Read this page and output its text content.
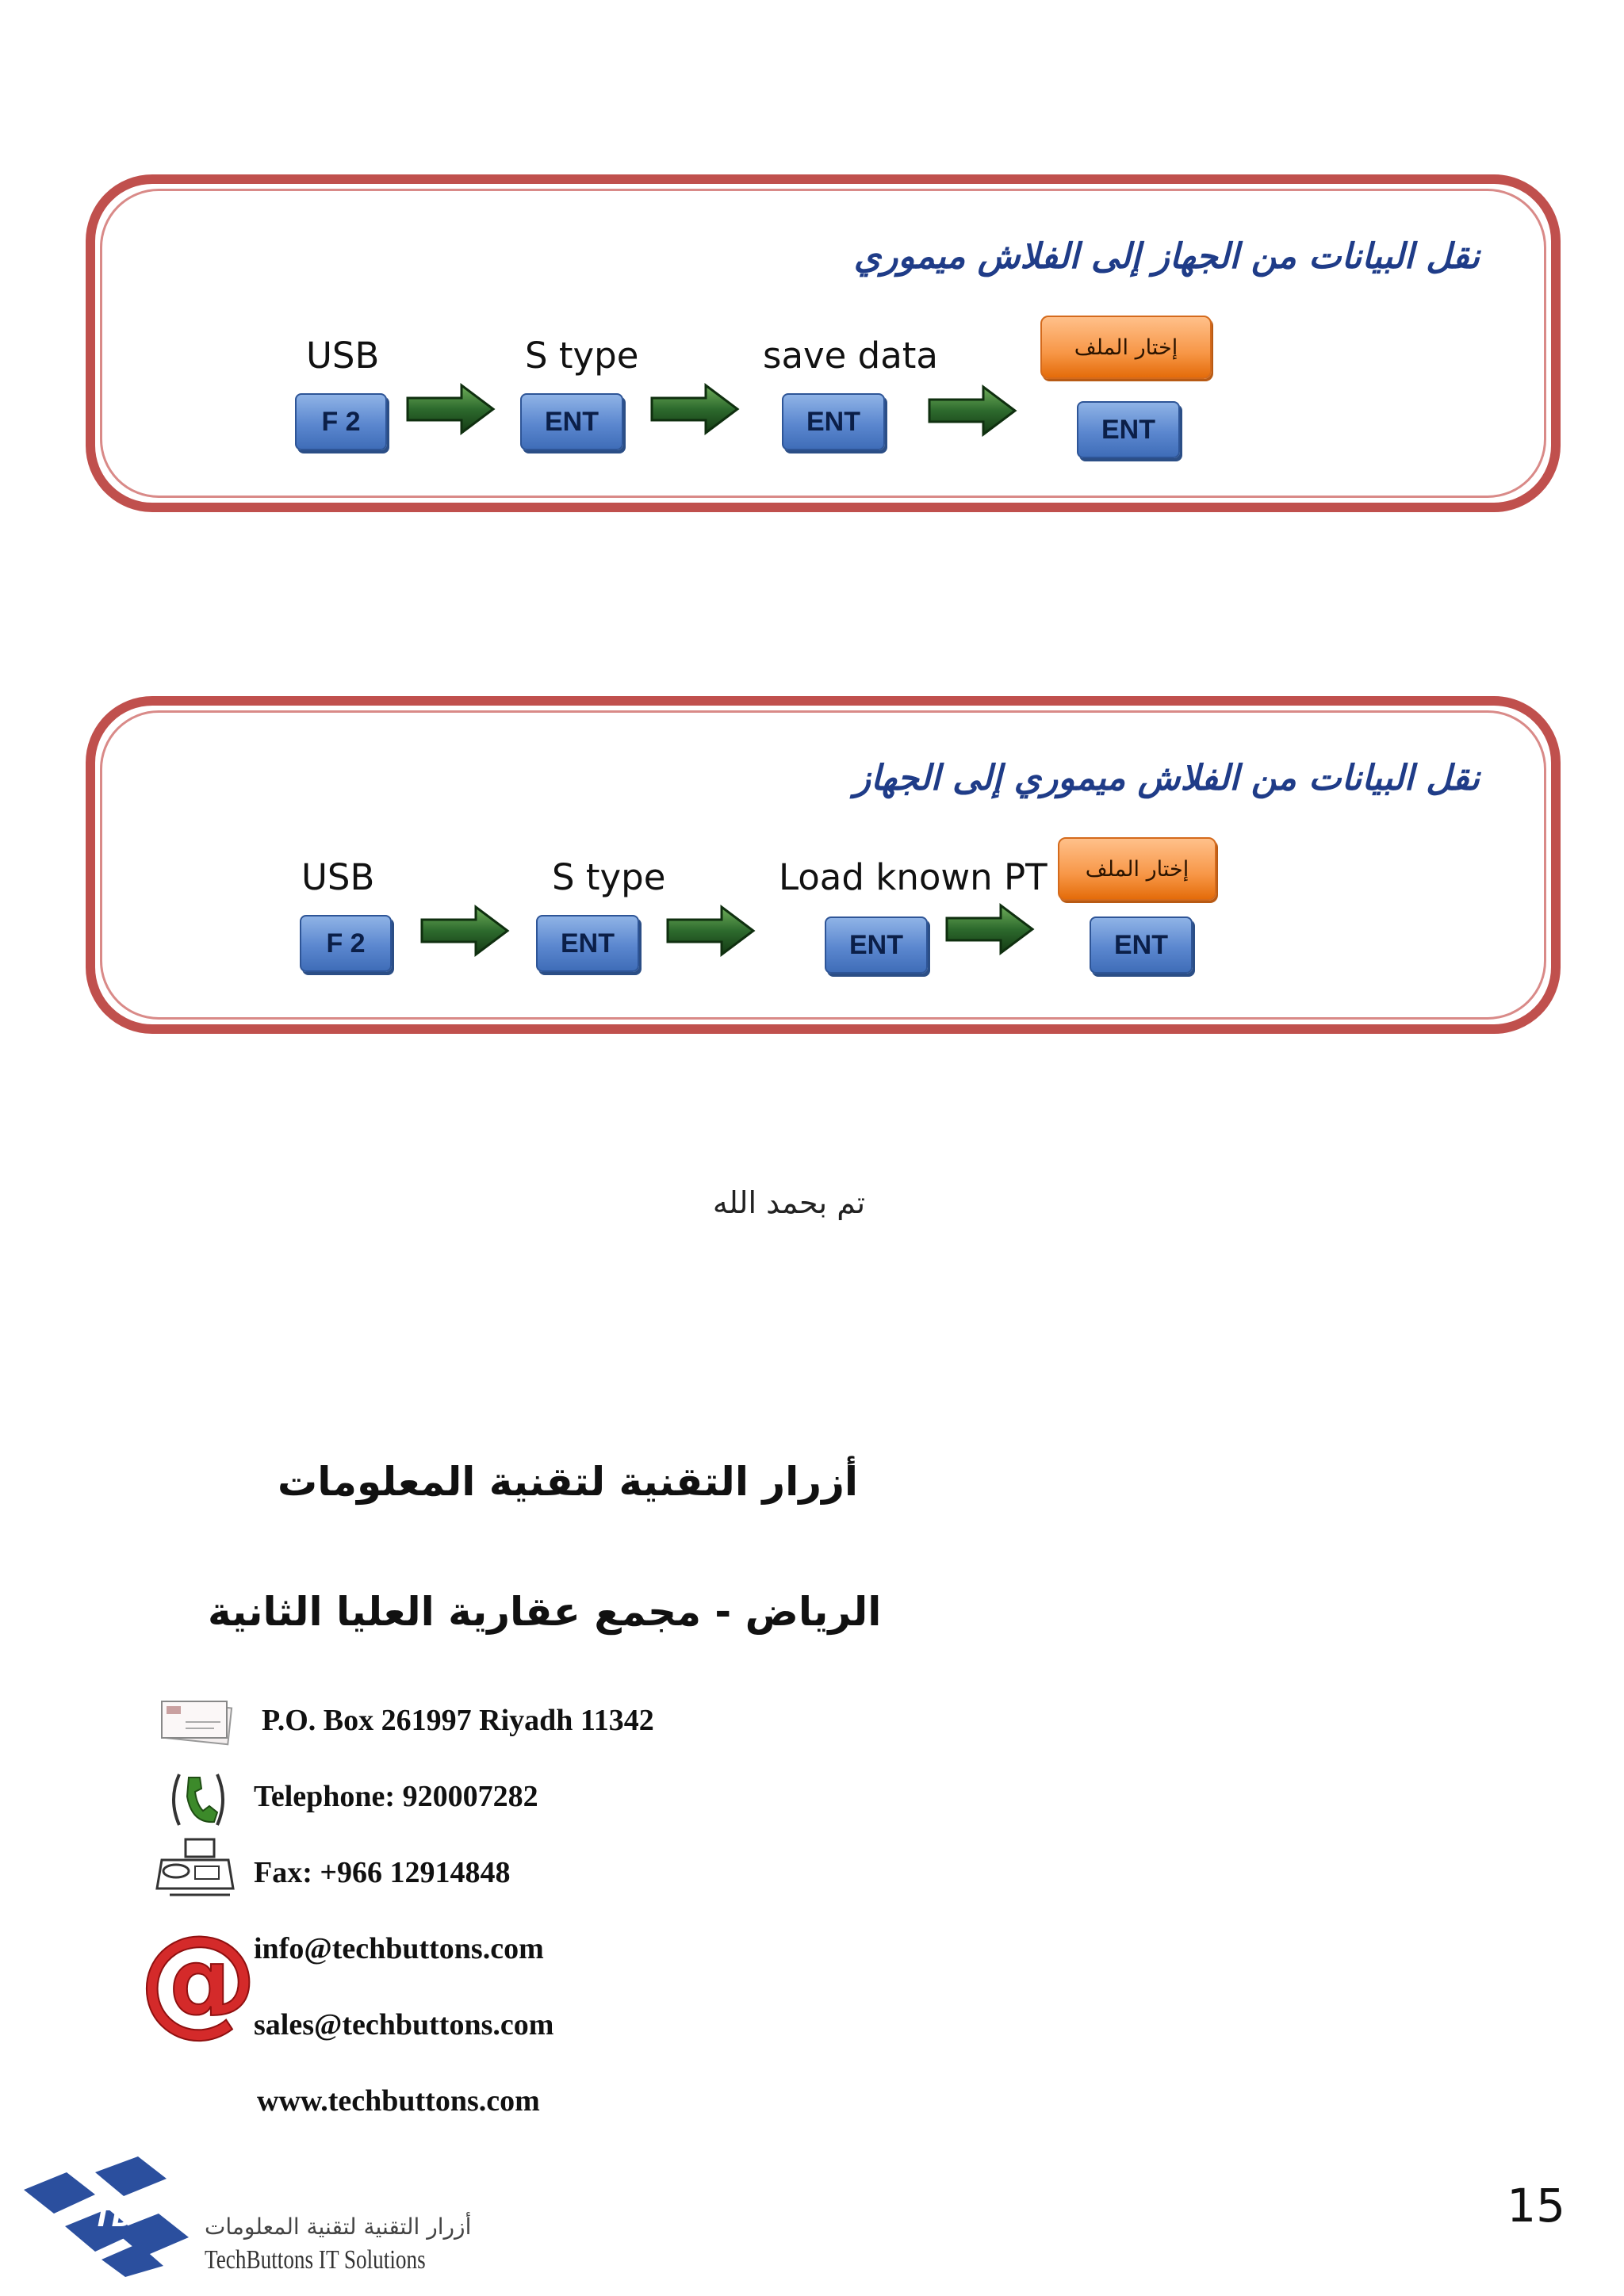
نقل البيانات من الجهاز إلى الفلاش ميموري
USB
F 2
S type
ENT
save data
ENT
إختار الملف
ENT
نقل البيانات من الفلاش ميموري إلى الجهاز
USB
F 2
S type
ENT
Load known PT
ENT
إختار الملف
ENT
تم بحمد الله
أزرار التقنية لتقنية المعلومات
الرياض - مجمع عقارية العليا الثانية
@
P.O. Box 261997 Riyadh 11342
Telephone: 920007282
Fax: +966 12914848
info@techbuttons.com
sales@techbuttons.com
www.techbuttons.com
TB	أزرار التقنية لتقنية المعلومات
TechButtons IT Solutions
15
